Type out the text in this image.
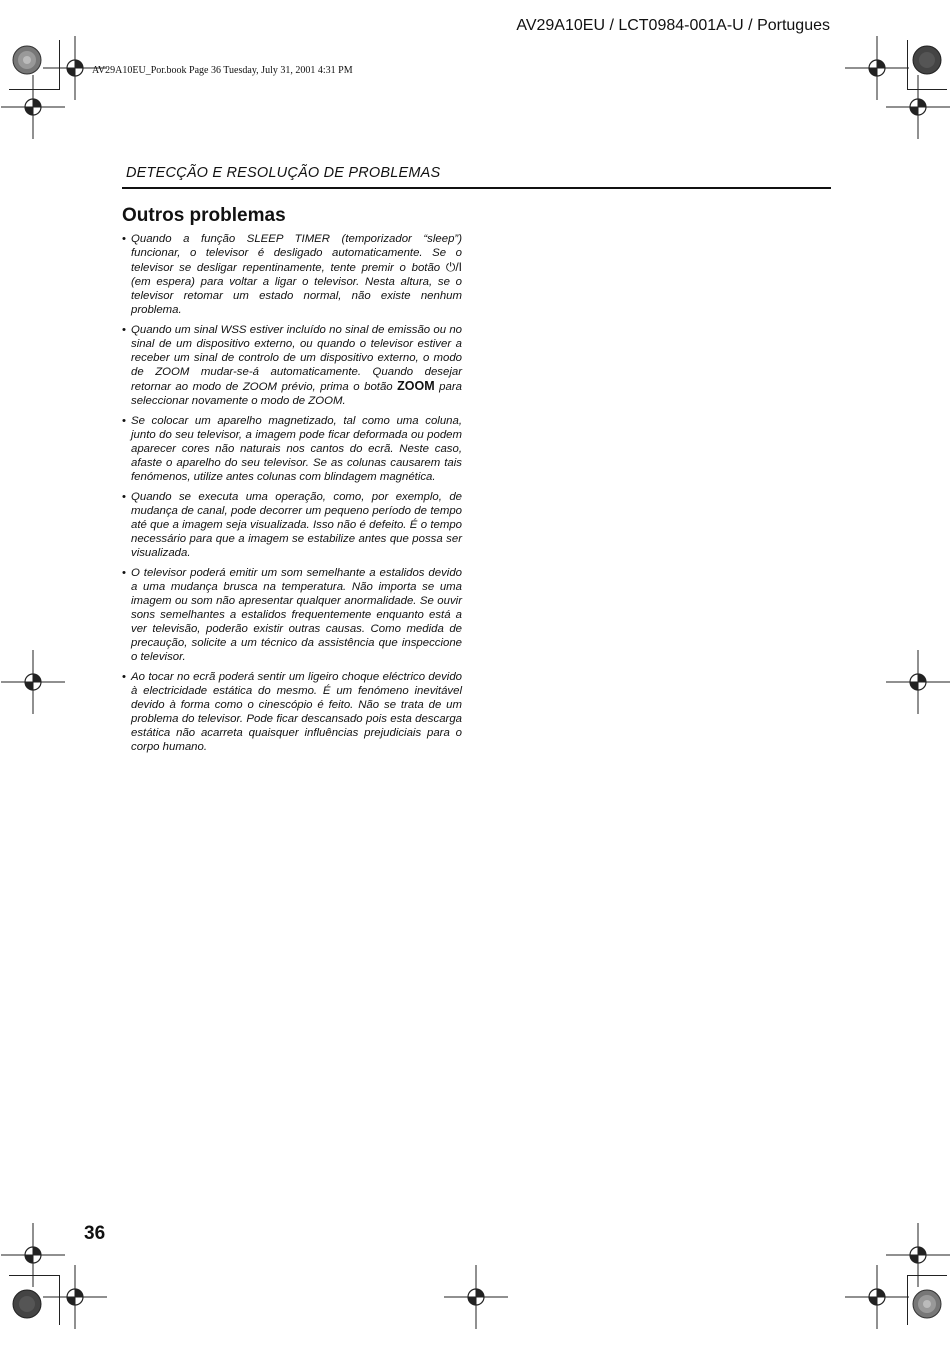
AV29A10EU / LCT0984-001A-U / Portugues
AV29A10EU_Por.book Page 36 Tuesday, July 31, 2001 4:31 PM
DETECÇÃO E RESOLUÇÃO DE PROBLEMAS
Outros problemas
• Quando a função SLEEP TIMER (temporizador “sleep”) funcionar, o televisor é desligado automaticamente. Se o televisor se desligar repentinamente, tente premir o botão ⏻/I (em espera) para voltar a ligar o televisor. Nesta altura, se o televisor retomar um estado normal, não existe nenhum problema.
• Quando um sinal WSS estiver incluído no sinal de emissão ou no sinal de um dispositivo externo, ou quando o televisor estiver a receber um sinal de controlo de um dispositivo externo, o modo de ZOOM mudar-se-á automaticamente. Quando desejar retornar ao modo de ZOOM prévio, prima o botão ZOOM para seleccionar novamente o modo de ZOOM.
• Se colocar um aparelho magnetizado, tal como uma coluna, junto do seu televisor, a imagem pode ficar deformada ou podem aparecer cores não naturais nos cantos do ecrã. Neste caso, afaste o aparelho do seu televisor. Se as colunas causarem tais fenómenos, utilize antes colunas com blindagem magnética.
• Quando se executa uma operação, como, por exemplo, de mudança de canal, pode decorrer um pequeno período de tempo até que a imagem seja visualizada. Isso não é defeito. É o tempo necessário para que a imagem se estabilize antes que possa ser visualizada.
• O televisor poderá emitir um som semelhante a estalidos devido a uma mudança brusca na temperatura. Não importa se uma imagem ou som não apresentar qualquer anormalidade. Se ouvir sons semelhantes a estalidos frequentemente enquanto está a ver televisão, poderão existir outras causas. Como medida de precaução, solicite a um técnico da assistência que inspeccione o televisor.
• Ao tocar no ecrã poderá sentir um ligeiro choque eléctrico devido à electricidade estática do mesmo. É um fenómeno inevitável devido à forma como o cinescópio é feito. Não se trata de um problema do televisor. Pode ficar descansado pois esta descarga estática não acarreta quaisquer influências prejudiciais para o corpo humano.
36
